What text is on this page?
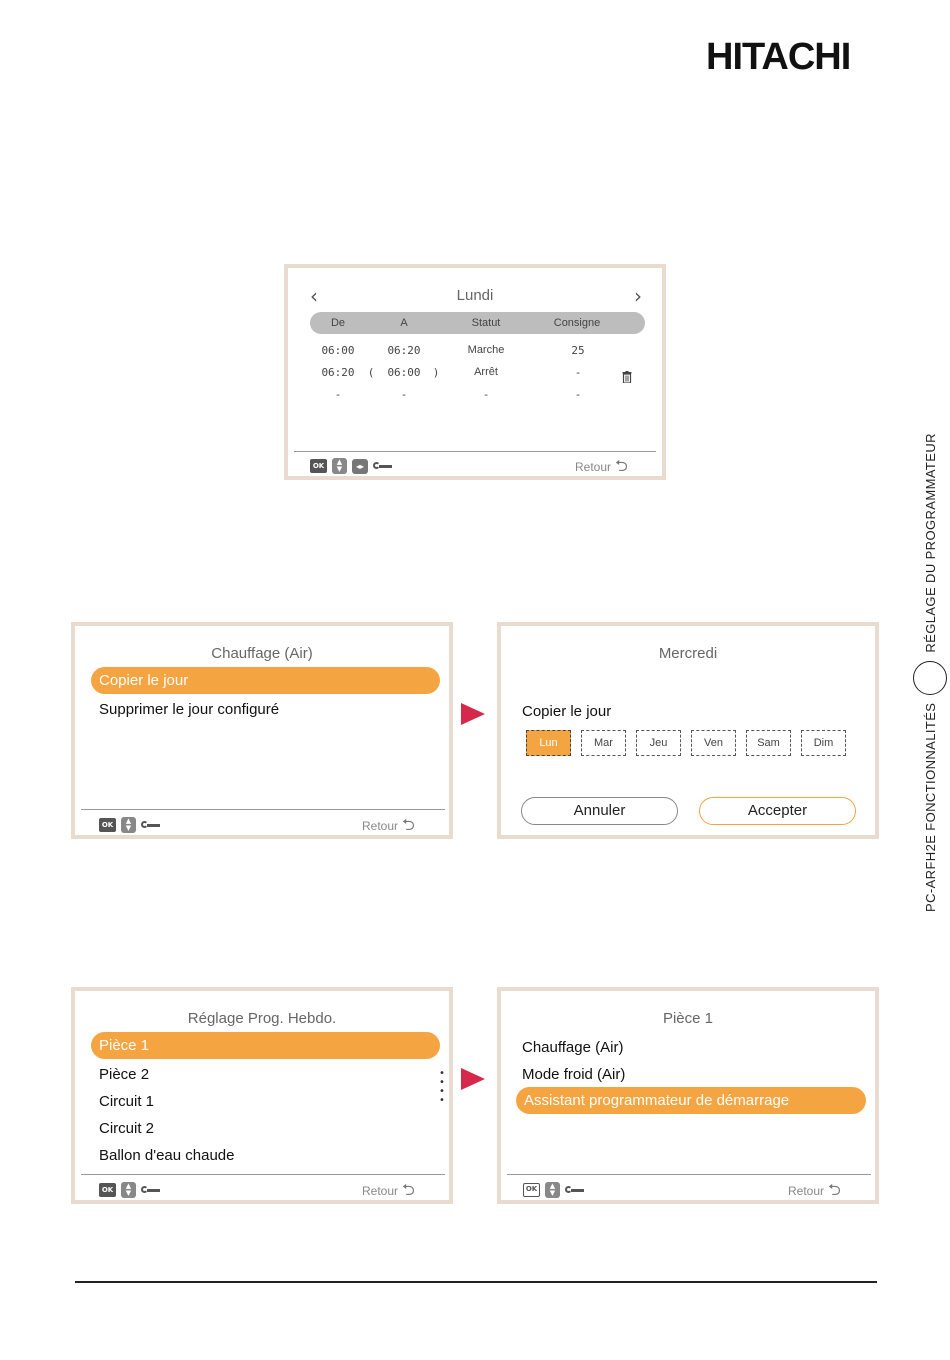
HITACHI
PC-ARFH2E FONCTIONNALITÉS
RÉGLAGE DU PROGRAMMATEUR
‹	Lundi	›
De	A	Statut	Consigne
06:00	06:20	Marche	25
06:20	(	06:00	)	Arrêt	-
-	-	-	-
OK	▲
▼	◂▸	Retour ⮌
Chauffage (Air)
Copier le jour
Supprimer le jour configuré
OK	▲
▼	Retour ⮌
Mercredi
Copier le jour
Lun	Mar	Jeu	Ven	Sam	Dim
Annuler	Accepter
Réglage Prog. Hebdo.
Pièce 1
Pièce 2
Circuit 1
Circuit 2
Ballon d'eau chaude
•
•
•
•
OK	▲
▼	Retour ⮌
Pièce 1
Chauffage (Air)
Mode froid (Air)
Assistant programmateur de démarrage
OK	▲
▼	Retour ⮌
